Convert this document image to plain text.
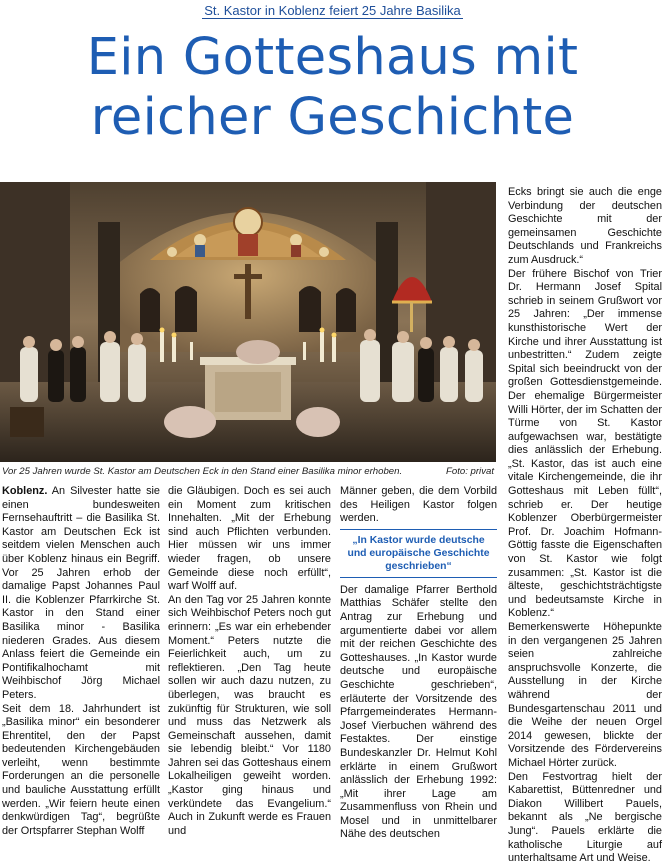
St. Kastor in Koblenz feiert 25 Jahre Basilika
Ein Gotteshaus mit
reicher Geschichte
Vor 25 Jahren wurde St. Kastor am Deutschen Eck in den Stand einer Basilika minor erhoben.	Foto: privat

Koblenz. An Silvester hatte sie einen bundesweiten Fernsehauftritt – die Basilika St. Kastor am Deutschen Eck ist seitdem vielen Menschen auch über Koblenz hinaus ein Begriff. Vor 25 Jahren erhob der damalige Papst Johannes Paul II. die Koblenzer Pfarrkirche St. Kastor in den Stand einer Basilika minor - Basilika niederen Grades. Aus diesem Anlass feiert die Gemeinde ein Pontifikalhochamt mit Weihbischof Jörg Michael Peters.

Seit dem 18. Jahrhundert ist „Basilika minor“ ein besonderer Ehrentitel, den der Papst bedeutenden Kirchengebäuden verleiht, wenn bestimmte Forderungen an die personelle und bauliche Ausstattung erfüllt werden. „Wir feiern heute einen denkwürdigen Tag“, begrüßte der Ortspfarrer Stephan Wolff

die Gläubigen. Doch es sei auch ein Moment zum kritischen Innehalten. „Mit der Erhebung sind auch Pflichten verbunden. Hier müssen wir uns immer wieder fragen, ob unsere Gemeinde diese noch erfüllt“, warf Wolff auf.

An den Tag vor 25 Jahren konnte sich Weihbischof Peters noch gut erinnern: „Es war ein erhebender Moment.“ Peters nutzte die Feierlichkeit auch, um zu reflektieren. „Den Tag heute sollen wir auch dazu nutzen, zu überlegen, was braucht es zukünftig für Strukturen, wie soll und muss das Netzwerk als Gemeinschaft aussehen, damit sie lebendig bleibt.“ Vor 1180 Jahren sei das Gotteshaus einem Lokalheiligen geweiht worden. „Kastor ging hinaus und verkündete das Evangelium.“ Auch in Zukunft werde es Frauen und

Männer geben, die dem Vorbild des Heiligen Kastor folgen werden.

„In Kastor wurde deutsche und europäische Geschichte geschrieben“

Der damalige Pfarrer Berthold Matthias Schäfer stellte den Antrag zur Erhebung und argumentierte dabei vor allem mit der reichen Geschichte des Gotteshauses. „In Kastor wurde deutsche und europäische Geschichte geschrieben“, erläuterte der Vorsitzende des Pfarrgemeinderates Hermann-Josef Vierbuchen während des Festaktes. Der einstige Bundeskanzler Dr. Helmut Kohl erklärte in einem Grußwort anlässlich der Erhebung 1992: „Mit ihrer Lage am Zusammenfluss von Rhein und Mosel und in unmittelbarer Nähe des deutschen

Ecks bringt sie auch die enge Verbindung der deutschen Geschichte mit der gemeinsamen Geschichte Deutschlands und Frankreichs zum Ausdruck.“

Der frühere Bischof von Trier Dr. Hermann Josef Spital schrieb in seinem Grußwort vor 25 Jahren: „Der immense kunsthistorische Wert der Kirche und ihrer Ausstattung ist unbestritten.“ Zudem zeigte Spital sich beeindruckt von der großen Gottesdienstgemeinde. Der ehemalige Bürgermeister Willi Hörter, der im Schatten der Türme von St. Kastor aufgewachsen war, bestätigte dies anlässlich der Erhebung. „St. Kastor, das ist auch eine vitale Kirchengemeinde, die ihr Gotteshaus mit Leben füllt“, schrieb er. Der heutige Koblenzer Oberbürgermeister Prof. Dr. Joachim Hofmann-Göttig fasste die Eigenschaften von St. Kastor wie folgt zusammen: „St. Kastor ist die älteste, geschichtsträchtigste und bedeutsamste Kirche in Koblenz.“

Bemerkenswerte Höhepunkte in den vergangenen 25 Jahren seien zahlreiche anspruchsvolle Konzerte, die Ausstellung in der Kirche während der Bundesgartenschau 2011 und die Weihe der neuen Orgel 2014 gewesen, blickte der Vorsitzende des Fördervereins Michael Hörter zurück.

Den Festvortrag hielt der Kabarettist, Büttenredner und Diakon Willibert Pauels, bekannt als „Ne bergische Jung“. Pauels erklärte die katholische Liturgie auf unterhaltsame Art und Weise.
